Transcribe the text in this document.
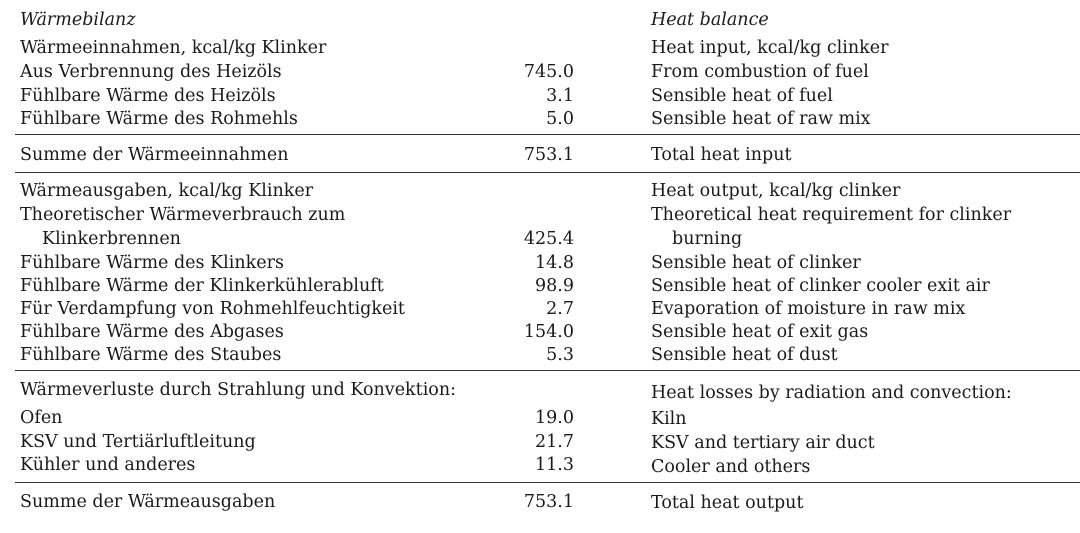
Wärmebilanz	Heat balance
Wärmeeinnahmen, kcal/kg Klinker	Heat input, kcal/kg clinker
Aus Verbrennung des Heizöls	745.0	From combustion of fuel
Fühlbare Wärme des Heizöls	3.1	Sensible heat of fuel
Fühlbare Wärme des Rohmehls	5.0	Sensible heat of raw mix
Summe der Wärmeeinnahmen	753.1	Total heat input
Wärmeausgaben, kcal/kg Klinker	Heat output, kcal/kg clinker
Theoretischer Wärmeverbrauch zum	Theoretical heat requirement for clinker
Klinkerbrennen	425.4	burning
Fühlbare Wärme des Klinkers	14.8	Sensible heat of clinker
Fühlbare Wärme der Klinkerkühlerabluft	98.9	Sensible heat of clinker cooler exit air
Für Verdampfung von Rohmehlfeuchtigkeit	2.7	Evaporation of moisture in raw mix
Fühlbare Wärme des Abgases	154.0	Sensible heat of exit gas
Fühlbare Wärme des Staubes	5.3	Sensible heat of dust
Wärmeverluste durch Strahlung und Konvektion:	Heat losses by radiation and convection:
Ofen	19.0	Kiln
KSV und Tertiärluftleitung	21.7	KSV and tertiary air duct
Kühler und anderes	11.3	Cooler and others
Summe der Wärmeausgaben	753.1	Total heat output
